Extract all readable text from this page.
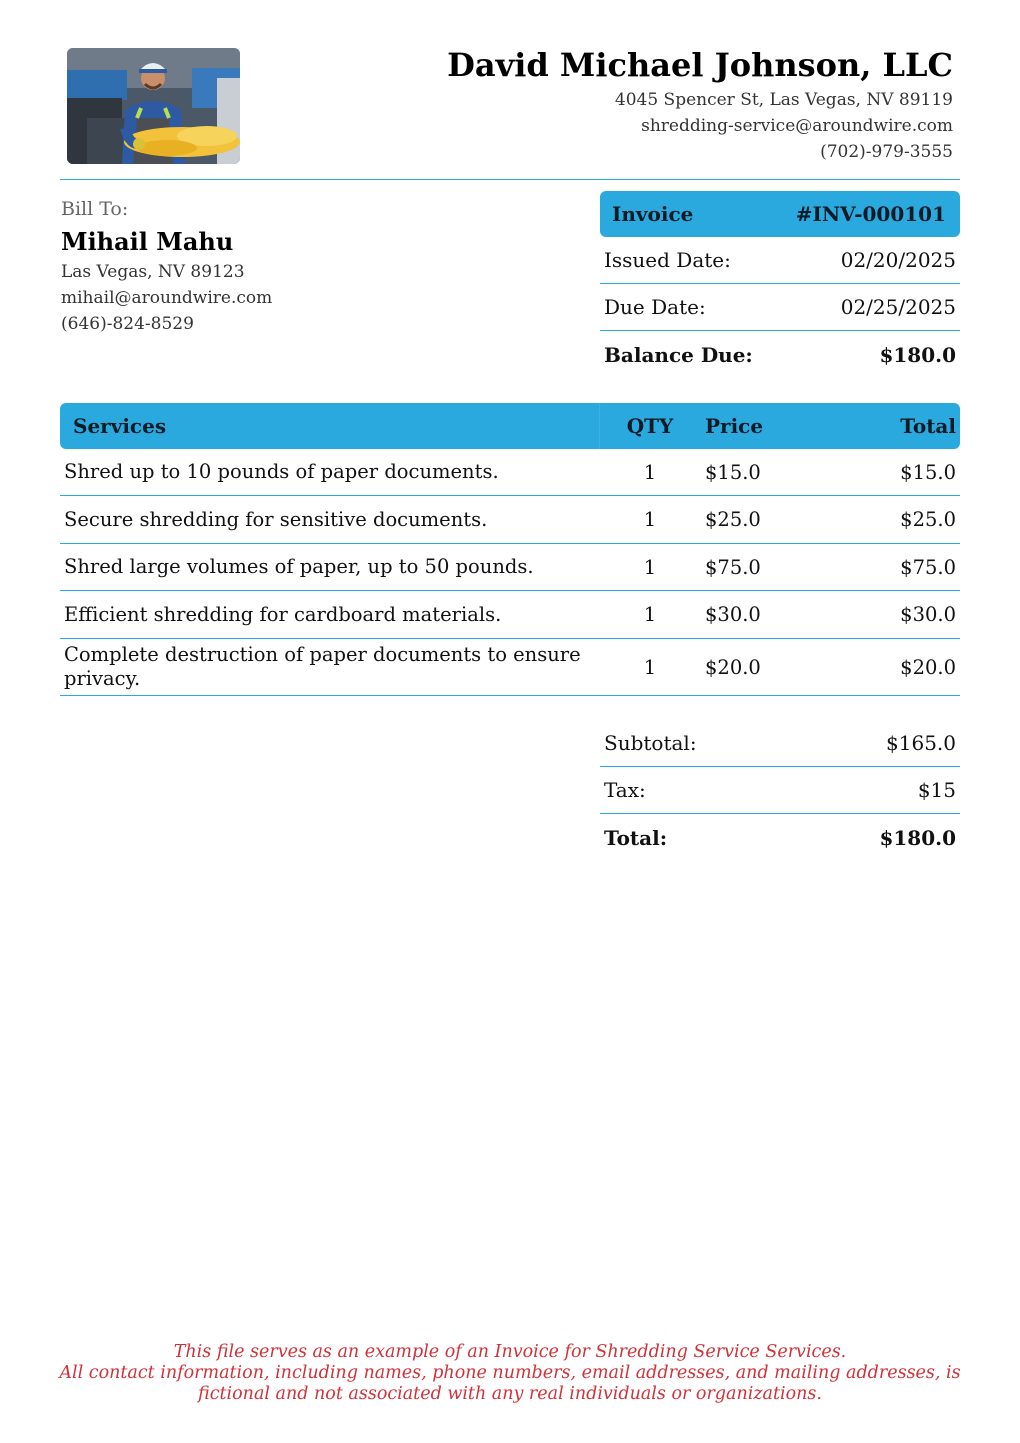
David Michael Johnson, LLC
4045 Spencer St, Las Vegas, NV 89119
shredding-service@aroundwire.com
(702)-979-3555
Bill To:
Mihail Mahu
Las Vegas, NV 89123
mihail@aroundwire.com
(646)-824-8529
Invoice	#INV-000101
Issued Date:	02/20/2025
Due Date:	02/25/2025
Balance Due:	$180.0
Services	QTY	Price	Total
Shred up to 10 pounds of paper documents.	1	$15.0	$15.0
Secure shredding for sensitive documents.	1	$25.0	$25.0
Shred large volumes of paper, up to 50 pounds.	1	$75.0	$75.0
Efficient shredding for cardboard materials.	1	$30.0	$30.0
Complete destruction of paper documents to ensure privacy.	1	$20.0	$20.0
Subtotal:	$165.0
Tax:	$15
Total:	$180.0
This file serves as an example of an Invoice for Shredding Service Services.
All contact information, including names, phone numbers, email addresses, and mailing addresses, is
fictional and not associated with any real individuals or organizations.
